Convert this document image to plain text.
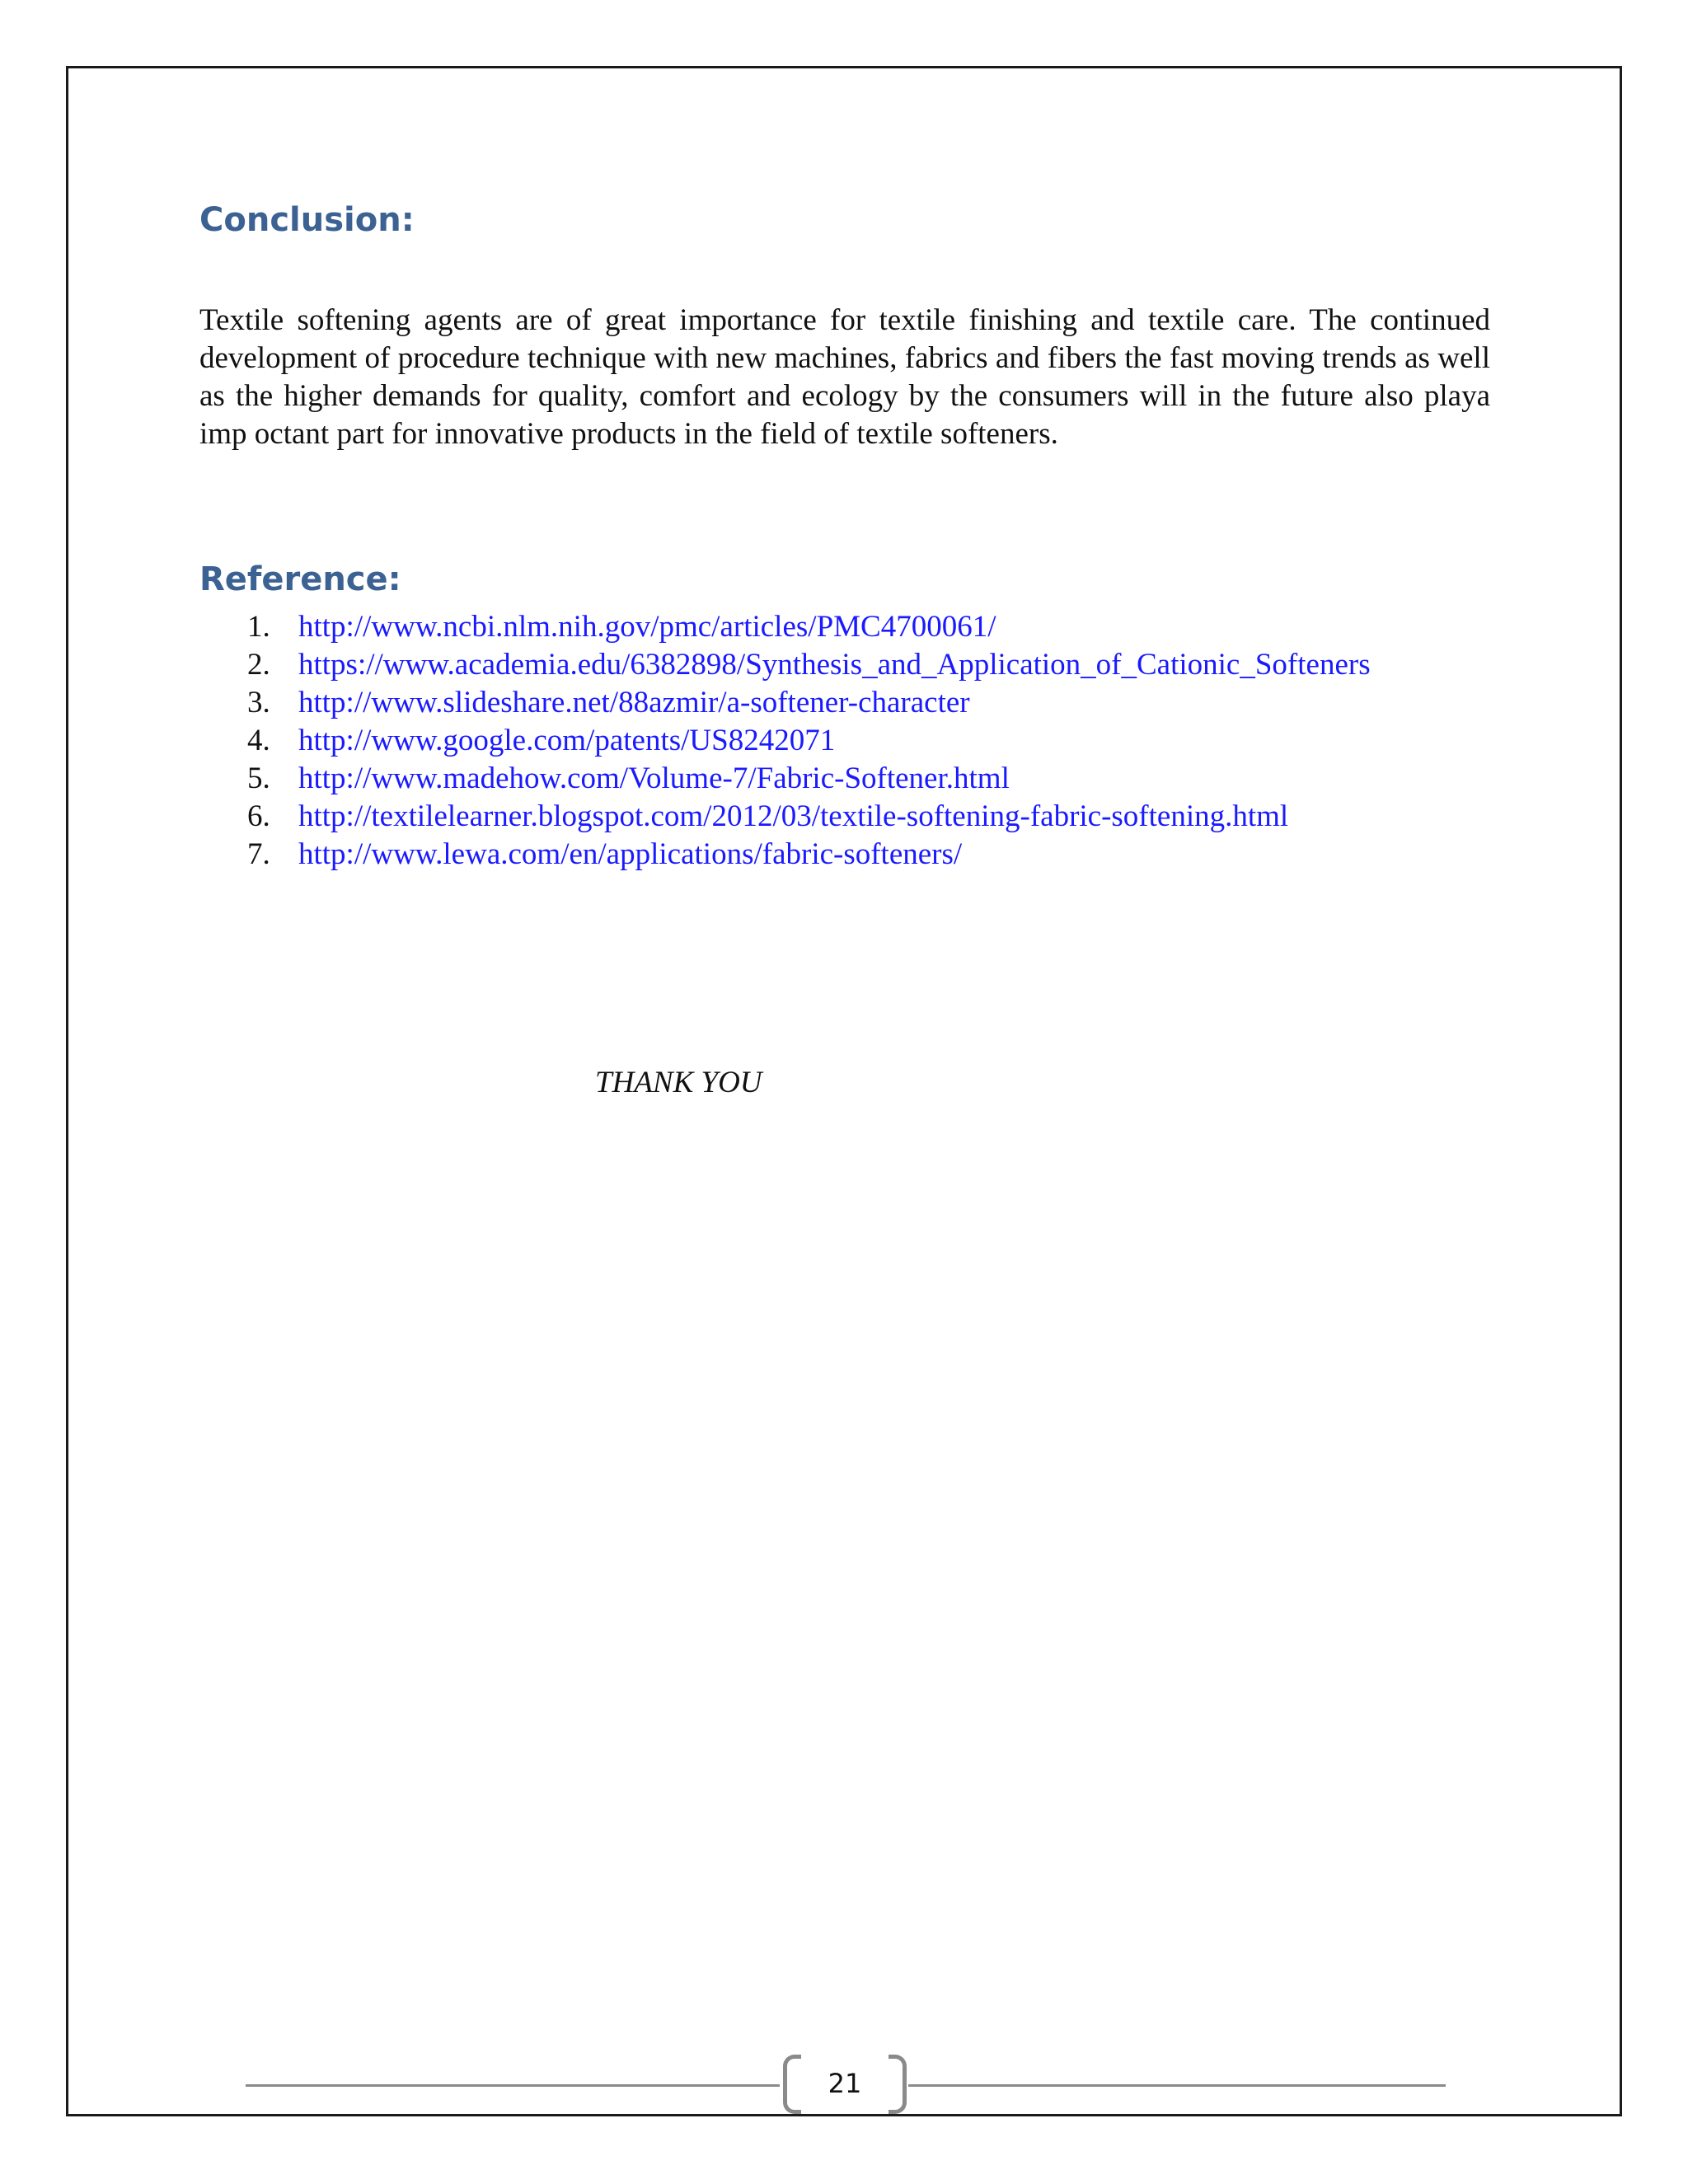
Conclusion:

Textile softening agents are of great importance for textile finishing and textile care. The continued development of procedure technique with new machines, fabrics and fibers the fast moving trends as well as the higher demands for quality, comfort and ecology by the consumers will in the future also playa imp octant part for innovative products in the field of textile softeners.

Reference:
1. http://www.ncbi.nlm.nih.gov/pmc/articles/PMC4700061/
2. https://www.academia.edu/6382898/Synthesis_and_Application_of_Cationic_Softeners
3. http://www.slideshare.net/88azmir/a-softener-character
4. http://www.google.com/patents/US8242071
5. http://www.madehow.com/Volume-7/Fabric-Softener.html
6. http://textilelearner.blogspot.com/2012/03/textile-softening-fabric-softening.html
7. http://www.lewa.com/en/applications/fabric-softeners/

THANK YOU

21
